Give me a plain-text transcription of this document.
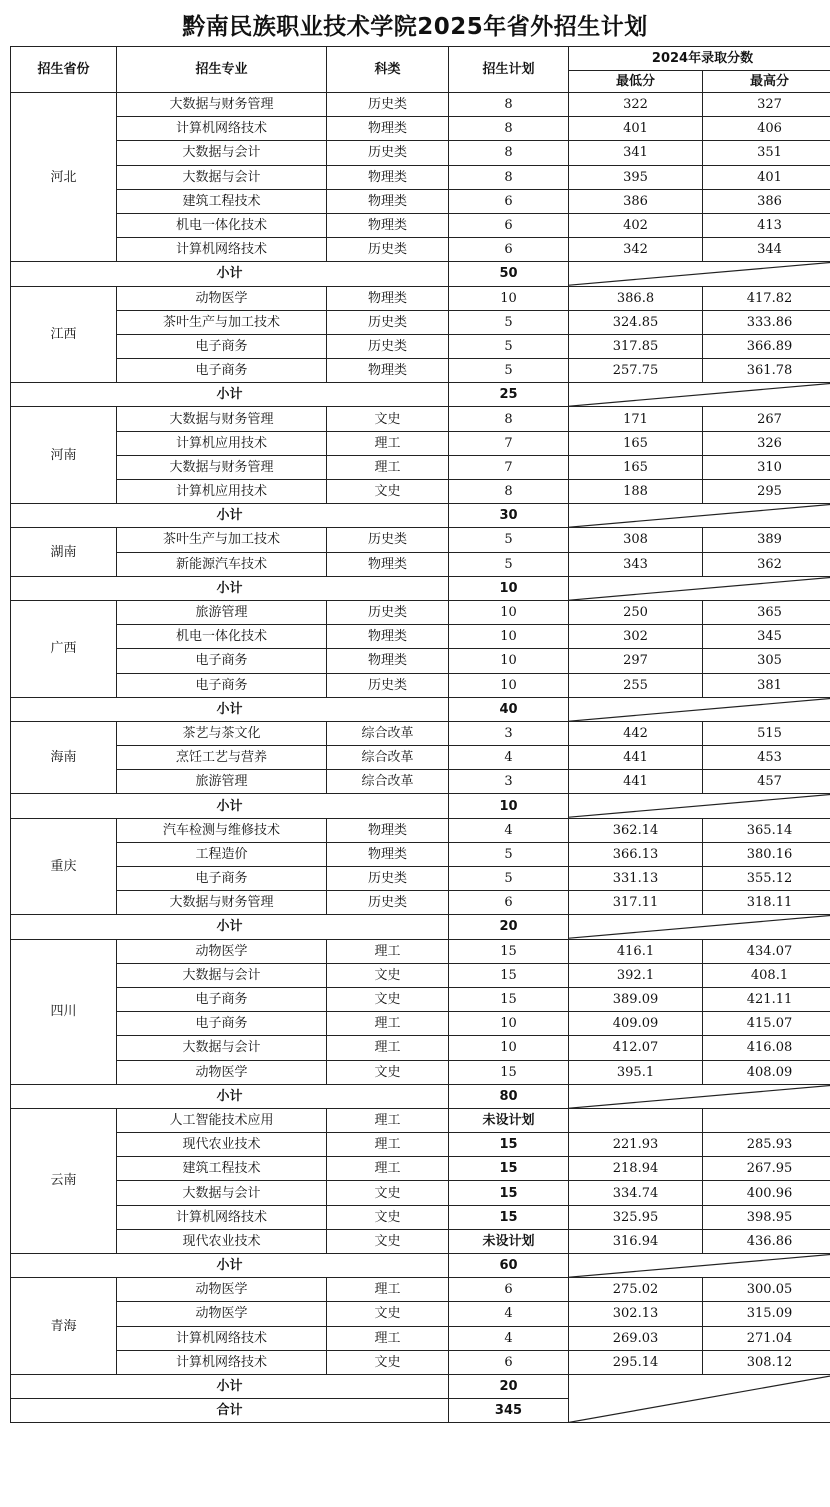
黔南民族职业技术学院2025年省外招生计划
招生省份	招生专业	科类	招生计划	2024年录取分数	
				最低分	最高分
河北	大数据与财务管理	历史类	8	322	327
	计算机网络技术	物理类	8	401	406
	大数据与会计	历史类	8	341	351
	大数据与会计	物理类	8	395	401
	建筑工程技术	物理类	6	386	386
	机电一体化技术	物理类	6	402	413
	计算机网络技术	历史类	6	342	344
小计			50	

江西	动物医学	物理类	10	386.8	417.82
	茶叶生产与加工技术	历史类	5	324.85	333.86
	电子商务	历史类	5	317.85	366.89
	电子商务	物理类	5	257.75	361.78
小计			25	

河南	大数据与财务管理	文史	8	171	267
	计算机应用技术	理工	7	165	326
	大数据与财务管理	理工	7	165	310
	计算机应用技术	文史	8	188	295
小计			30	

湖南	茶叶生产与加工技术	历史类	5	308	389
	新能源汽车技术	物理类	5	343	362
小计			10	

广西	旅游管理	历史类	10	250	365
	机电一体化技术	物理类	10	302	345
	电子商务	物理类	10	297	305
	电子商务	历史类	10	255	381
小计			40	

海南	茶艺与茶文化	综合改革	3	442	515
	烹饪工艺与营养	综合改革	4	441	453
	旅游管理	综合改革	3	441	457
小计			10	

重庆	汽车检测与维修技术	物理类	4	362.14	365.14
	工程造价	物理类	5	366.13	380.16
	电子商务	历史类	5	331.13	355.12
	大数据与财务管理	历史类	6	317.11	318.11
小计			20	

四川	动物医学	理工	15	416.1	434.07
	大数据与会计	文史	15	392.1	408.1
	电子商务	文史	15	389.09	421.11
	电子商务	理工	10	409.09	415.07
	大数据与会计	理工	10	412.07	416.08
	动物医学	文史	15	395.1	408.09
小计			80	

云南	人工智能技术应用	理工	未设计划		
	现代农业技术	理工	15	221.93	285.93
	建筑工程技术	理工	15	218.94	267.95
	大数据与会计	文史	15	334.74	400.96
	计算机网络技术	文史	15	325.95	398.95
	现代农业技术	文史	未设计划	316.94	436.86
小计			60	

青海	动物医学	理工	6	275.02	300.05
	动物医学	文史	4	302.13	315.09
	计算机网络技术	理工	4	269.03	271.04
	计算机网络技术	文史	6	295.14	308.12
小计			20	

合计			345		
